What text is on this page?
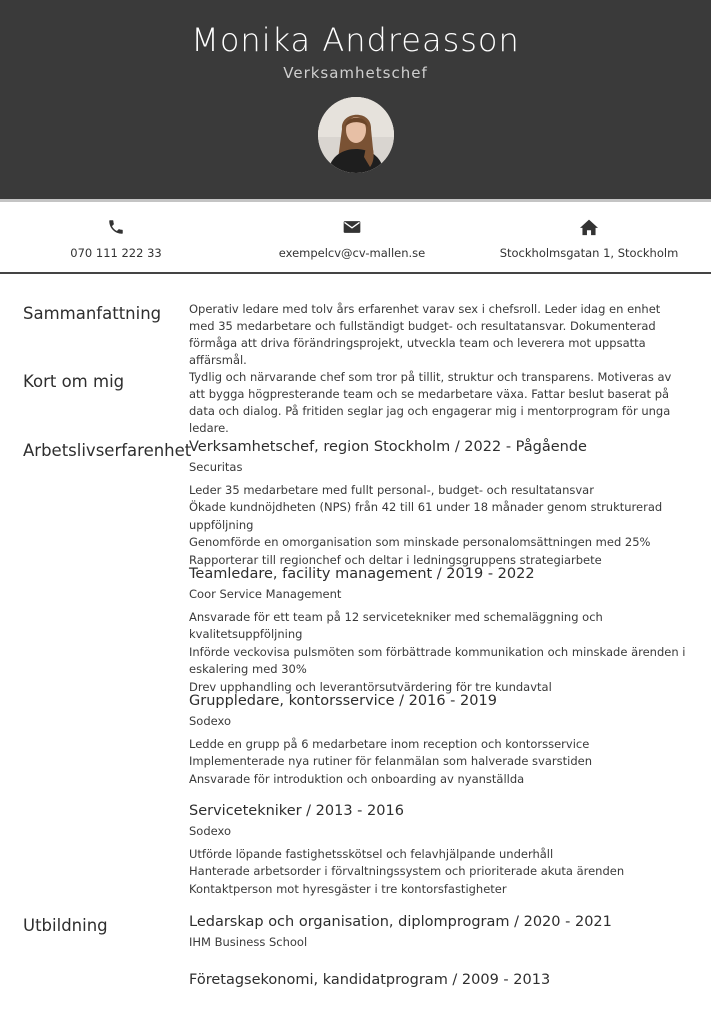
Monika Andreasson
Verksamhetschef
070 111 222 33	exempelcv@cv-mallen.se	Stockholmsgatan 1, Stockholm
Sammanfattning Operativ ledare med tolv års erfarenhet varav sex i chefsroll. Leder idag en enhet med 35 medarbetare och fullständigt budget- och resultatansvar. Dokumenterad förmåga att driva förändringsprojekt, utveckla team och leverera mot uppsatta affärsmål.
Kort om mig	Tydlig och närvarande chef som tror på tillit, struktur och transparens. Motiveras av att bygga högpresterande team och se medarbetare växa. Fattar beslut baserat på data och dialog. På fritiden seglar jag och engagerar mig i mentorprogram för unga ledare.
Arbetslivserfarenhet
Verksamhetschef, region Stockholm / 2022 - Pågående
Securitas
Leder 35 medarbetare med fullt personal-, budget- och resultatansvar
Ökade kundnöjdheten (NPS) från 42 till 61 under 18 månader genom strukturerad uppföljning
Genomförde en omorganisation som minskade personalomsättningen med 25%
Rapporterar till regionchef och deltar i ledningsgruppens strategiarbete
Teamledare, facility management / 2019 - 2022
Coor Service Management
Ansvarade för ett team på 12 servicetekniker med schemaläggning och kvalitetsuppföljning
Införde veckovisa pulsmöten som förbättrade kommunikation och minskade ärenden i
eskalering med 30%
Drev upphandling och leverantörsutvärdering för tre kundavtal
Gruppledare, kontorsservice / 2016 - 2019
Sodexo
Ledde en grupp på 6 medarbetare inom reception och kontorsservice
Implementerade nya rutiner för felanmälan som halverade svarstiden
Ansvarade för introduktion och onboarding av nyanställda
Servicetekniker / 2013 - 2016
Sodexo
Utförde löpande fastighetsskötsel och felavhjälpande underhåll
Hanterade arbetsorder i förvaltningssystem och prioriterade akuta ärenden
Kontaktperson mot hyresgäster i tre kontorsfastigheter
Utbildning	Ledarskap och organisation, diplomprogram / 2020 - 2021
IHM Business School
Företagsekonomi, kandidatprogram / 2009 - 2013
